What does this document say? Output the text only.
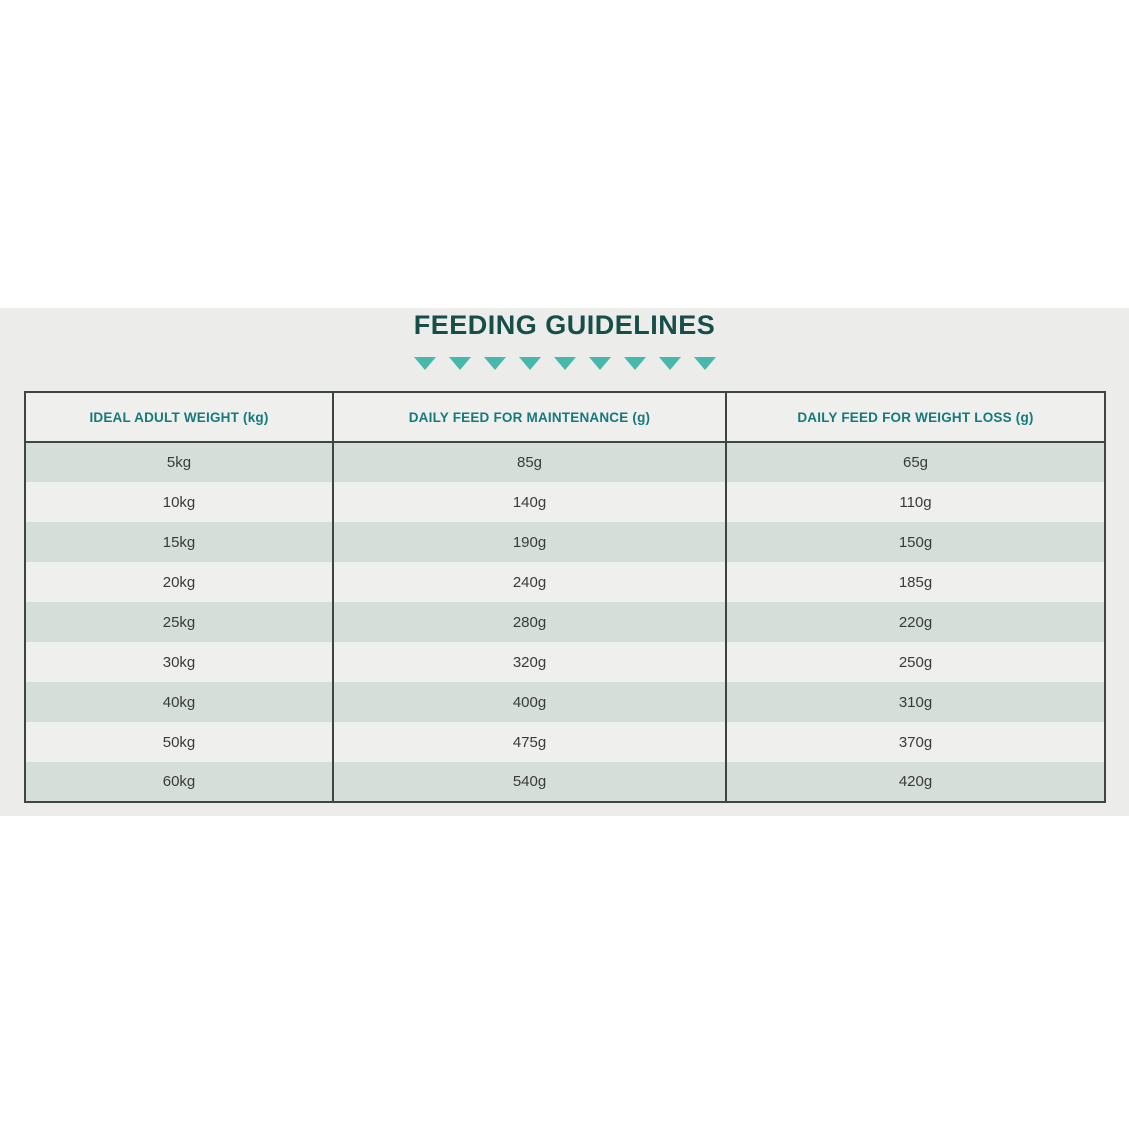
FEEDING GUIDELINES
IDEAL ADULT WEIGHT (kg)	DAILY FEED FOR MAINTENANCE (g)	DAILY FEED FOR WEIGHT LOSS (g)
5kg	85g	65g
10kg	140g	110g
15kg	190g	150g
20kg	240g	185g
25kg	280g	220g
30kg	320g	250g
40kg	400g	310g
50kg	475g	370g
60kg	540g	420g
